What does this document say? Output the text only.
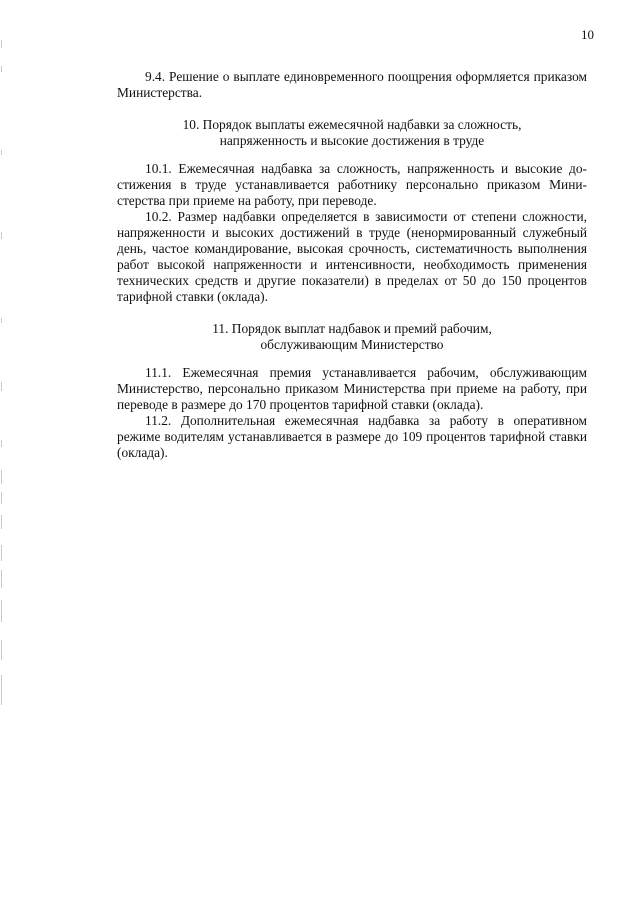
10

9.4. Решение о выплате единовременного поощрения оформляется приказом Министерства.

10. Порядок выплаты ежемесячной надбавки за сложность,
напряженность и высокие достижения в труде

10.1. Ежемесячная надбавка за сложность, напряженность и высокие достижения в труде устанавливается работнику персонально приказом Министерства при приеме на работу, при переводе.

10.2. Размер надбавки определяется в зависимости от степени сложности, напряженности и высоких достижений в труде (ненормированный служебный день, частое командирование, высокая срочность, систематичность выполнения работ высокой напряженности и интенсивности, необходимость применения технических средств и другие показатели) в пределах от 50 до 150 процентов тарифной ставки (оклада).

11. Порядок выплат надбавок и премий рабочим,
обслуживающим Министерство

11.1. Ежемесячная премия устанавливается рабочим, обслуживающим Министерство, персонально приказом Министерства при приеме на работу, при переводе в размере до 170 процентов тарифной ставки (оклада).

11.2. Дополнительная ежемесячная надбавка за работу в оперативном режиме водителям устанавливается в размере до 109 процентов тарифной ставки (оклада).
